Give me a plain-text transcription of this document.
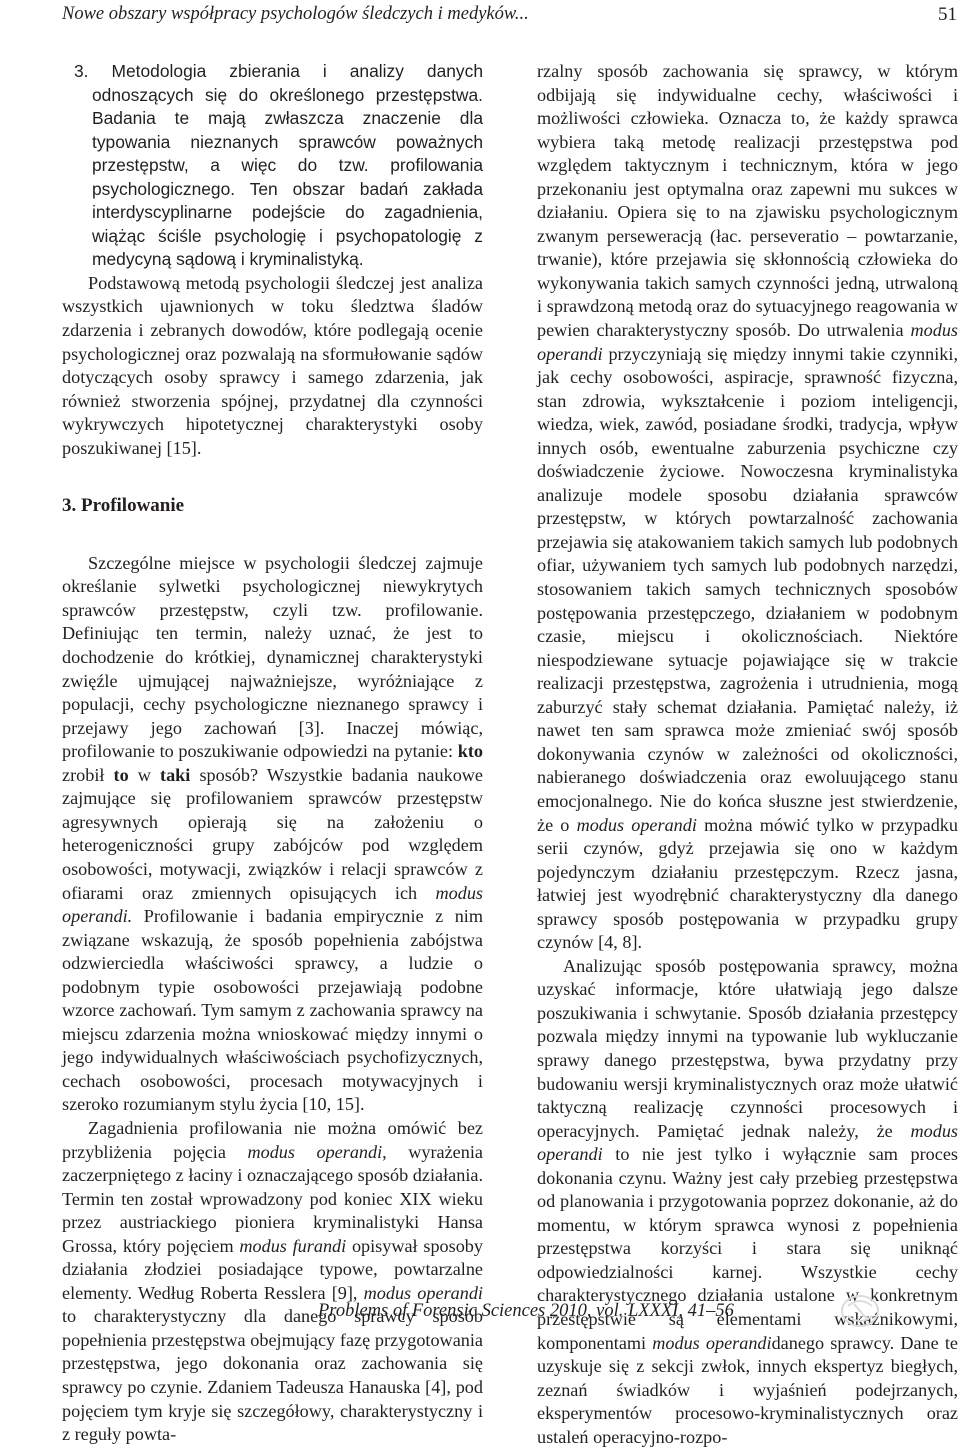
Nowe obszary współpracy psychologów śledczych i medyków...	51

3. Metodologia zbierania i analizy danych odnoszących się do określonego przestępstwa. Badania te mają zwłaszcza znaczenie dla typowania nieznanych sprawców poważnych przestępstw, a więc do tzw. profilowania psychologicznego. Ten obszar badań zakłada interdyscyplinarne podejście do zagadnienia, wiążąc ściśle psychologię i psychopatologię z medycyną sądową i kryminalistyką.

Podstawową metodą psychologii śledczej jest analiza wszystkich ujawnionych w toku śledztwa śladów zdarzenia i zebranych dowodów, które podlegają ocenie psychologicznej oraz pozwalają na sformułowanie sądów dotyczących osoby sprawcy i samego zdarzenia, jak również stworzenia spójnej, przydatnej dla czynności wykrywczych hipotetycznej charakterystyki osoby poszukiwanej [15].

3. Profilowanie

Szczególne miejsce w psychologii śledczej zajmuje określanie sylwetki psychologicznej niewykrytych sprawców przestępstw, czyli tzw. profilowanie. Definiując ten termin, należy uznać, że jest to dochodzenie do krótkiej, dynamicznej charakterystyki zwięźle ujmującej najważniejsze, wyróżniające z populacji, cechy psychologiczne nieznanego sprawcy i przejawy jego zachowań [3]. Inaczej mówiąc, profilowanie to poszukiwanie odpowiedzi na pytanie: kto zrobił to w taki sposób? Wszystkie badania naukowe zajmujące się profilowaniem sprawców przestępstw agresywnych opierają się na założeniu o heterogeniczności grupy zabójców pod względem osobowości, motywacji, związków i relacji sprawców z ofiarami oraz zmiennych opisujących ich modus operandi. Profilowanie i badania empirycznie z nim związane wskazują, że sposób popełnienia zabójstwa odzwierciedla właściwości sprawcy, a ludzie o podobnym typie osobowości przejawiają podobne wzorce zachowań. Tym samym z zachowania sprawcy na miejscu zdarzenia można wnioskować między innymi o jego indywidualnych właściwościach psychofizycznych, cechach osobowości, procesach motywacyjnych i szeroko rozumianym stylu życia [10, 15].

Zagadnienia profilowania nie można omówić bez przybliżenia pojęcia modus operandi, wyrażenia zaczerpniętego z łaciny i oznaczającego sposób działania. Termin ten został wprowadzony pod koniec XIX wieku przez austriackiego pioniera kryminalistyki Hansa Grossa, który pojęciem modus furandi opisywał sposoby działania złodziei posiadające typowe, powtarzalne elementy. Według Roberta Resslera [9], modus operandi to charakterystyczny dla danego sprawcy sposób popełnienia przestępstwa obejmujący fazę przygotowania przestępstwa, jego dokonania oraz zachowania się sprawcy po czynie. Zdaniem Tadeusza Hanauska [4], pod pojęciem tym kryje się szczegółowy, charakterystyczny i z reguły powta-

rzalny sposób zachowania się sprawcy, w którym odbijają się indywidualne cechy, właściwości i możliwości człowieka. Oznacza to, że każdy sprawca wybiera taką metodę realizacji przestępstwa pod względem taktycznym i technicznym, która w jego przekonaniu jest optymalna oraz zapewni mu sukces w działaniu. Opiera się to na zjawisku psychologicznym zwanym perseweracją (łac. perseveratio – powtarzanie, trwanie), które przejawia się skłonnością człowieka do wykonywania takich samych czynności jedną, utrwaloną i sprawdzoną metodą oraz do sytuacyjnego reagowania w pewien charakterystyczny sposób. Do utrwalenia modus operandi przyczyniają się między innymi takie czynniki, jak cechy osobowości, aspiracje, sprawność fizyczna, stan zdrowia, wykształcenie i poziom inteligencji, wiedza, wiek, zawód, posiadane środki, tradycja, wpływ innych osób, ewentualne zaburzenia psychiczne czy doświadczenie życiowe. Nowoczesna kryminalistyka analizuje modele sposobu działania sprawców przestępstw, w których powtarzalność zachowania przejawia się atakowaniem takich samych lub podobnych ofiar, używaniem tych samych lub podobnych narzędzi, stosowaniem takich samych technicznych sposobów postępowania przestępczego, działaniem w podobnym czasie, miejscu i okolicznościach. Niektóre niespodziewane sytuacje pojawiające się w trakcie realizacji przestępstwa, zagrożenia i utrudnienia, mogą zaburzyć stały schemat działania. Pamiętać należy, iż nawet ten sam sprawca może zmieniać swój sposób dokonywania czynów w zależności od okoliczności, nabieranego doświadczenia oraz ewoluującego stanu emocjonalnego. Nie do końca słuszne jest stwierdzenie, że o modus operandi można mówić tylko w przypadku serii czynów, gdyż przejawia się ono w każdym pojedynczym działaniu przestępczym. Rzecz jasna, łatwiej jest wyodrębnić charakterystyczny dla danego sprawcy sposób postępowania w przypadku grupy czynów [4, 8].

Analizując sposób postępowania sprawcy, można uzyskać informacje, które ułatwiają jego dalsze poszukiwania i schwytanie. Sposób działania przestępcy pozwala między innymi na typowanie lub wykluczanie sprawy danego przestępstwa, bywa przydatny przy budowaniu wersji kryminalistycznych oraz może ułatwić taktyczną realizację czynności procesowych i operacyjnych. Pamiętać jednak należy, że modus operandi to nie jest tylko i wyłącznie sam proces dokonania czynu. Ważny jest cały przebieg przestępstwa od planowania i przygotowania poprzez dokonanie, aż do momentu, w którym sprawca wynosi z popełnienia przestępstwa korzyści i stara się uniknąć odpowiedzialności karnej. Wszystkie cechy charakterystycznego działania ustalone w konkretnym przestępstwie są elementami wskaźnikowymi, komponentami modus operandidanego sprawcy. Dane te uzyskuje się z sekcji zwłok, innych ekspertyz biegłych, zeznań świadków i wyjaśnień podejrzanych, eksperymentów procesowo-kryminalistycznych oraz ustaleń operacyjno-rozpo-

Problems of Forensic Sciences 2010, vol. LXXXI, 41–56
